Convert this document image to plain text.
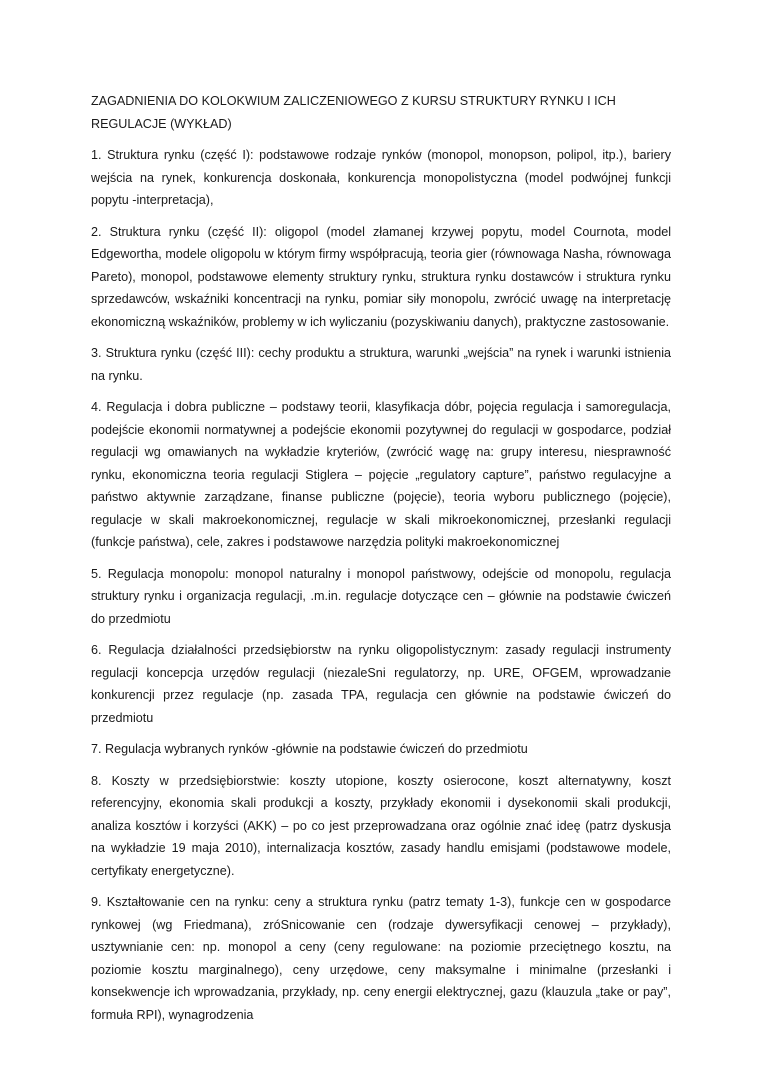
ZAGADNIENIA DO KOLOKWIUM ZALICZENIOWEGO Z KURSU STRUKTURY RYNKU I ICH REGULACJE (WYKŁAD)

1. Struktura rynku (część I): podstawowe rodzaje rynków (monopol, monopson, polipol, itp.), bariery wejścia na rynek, konkurencja doskonała, konkurencja monopolistyczna (model podwójnej funkcji popytu -interpretacja),

2. Struktura rynku (część II): oligopol (model złamanej krzywej popytu, model Cournota, model Edgewortha, modele oligopolu w którym firmy współpracują, teoria gier (równowaga Nasha, równowaga Pareto), monopol, podstawowe elementy struktury rynku, struktura rynku dostawców i struktura rynku sprzedawców, wskaźniki koncentracji na rynku, pomiar siły monopolu, zwrócić uwagę na interpretację ekonomiczną wskaźników, problemy w ich wyliczaniu (pozyskiwaniu danych), praktyczne zastosowanie.

3. Struktura rynku (część III): cechy produktu a struktura, warunki „wejścia” na rynek i warunki istnienia na rynku.

4. Regulacja i dobra publiczne – podstawy teorii, klasyfikacja dóbr, pojęcia regulacja i samoregulacja, podejście ekonomii normatywnej a podejście ekonomii pozytywnej do regulacji w gospodarce, podział regulacji wg omawianych na wykładzie kryteriów, (zwrócić wagę na: grupy interesu, niesprawność rynku, ekonomiczna teoria regulacji Stiglera – pojęcie „regulatory capture”, państwo regulacyjne a państwo aktywnie zarządzane, finanse publiczne (pojęcie), teoria wyboru publicznego (pojęcie), regulacje w skali makroekonomicznej, regulacje w skali mikroekonomicznej, przesłanki regulacji (funkcje państwa), cele, zakres i podstawowe narzędzia polityki makroekonomicznej

5. Regulacja monopolu: monopol naturalny i monopol państwowy, odejście od monopolu, regulacja struktury rynku i organizacja regulacji, .m.in. regulacje dotyczące cen – głównie na podstawie ćwiczeń do przedmiotu

6. Regulacja działalności przedsiębiorstw na rynku oligopolistycznym: zasady regulacji instrumenty regulacji koncepcja urzędów regulacji (niezaleSni regulatorzy, np. URE, OFGEM, wprowadzanie konkurencji przez regulacje (np. zasada TPA, regulacja cen głównie na podstawie ćwiczeń do przedmiotu

7. Regulacja wybranych rynków -głównie na podstawie ćwiczeń do przedmiotu

8. Koszty w przedsiębiorstwie: koszty utopione, koszty osierocone, koszt alternatywny, koszt referencyjny, ekonomia skali produkcji a koszty, przykłady ekonomii i dysekonomii skali produkcji, analiza kosztów i korzyści (AKK) – po co jest przeprowadzana oraz ogólnie znać ideę (patrz dyskusja na wykładzie 19 maja 2010), internalizacja kosztów, zasady handlu emisjami (podstawowe modele, certyfikaty energetyczne).

9. Kształtowanie cen na rynku: ceny a struktura rynku (patrz tematy 1-3), funkcje cen w gospodarce rynkowej (wg Friedmana), zróSnicowanie cen (rodzaje dywersyfikacji cenowej – przykłady), usztywnianie cen: np. monopol a ceny (ceny regulowane: na poziomie przeciętnego kosztu, na poziomie kosztu marginalnego), ceny urzędowe, ceny maksymalne i minimalne (przesłanki i konsekwencje ich wprowadzania, przykłady, np. ceny energii elektrycznej, gazu (klauzula „take or pay”, formuła RPI), wynagrodzenia
